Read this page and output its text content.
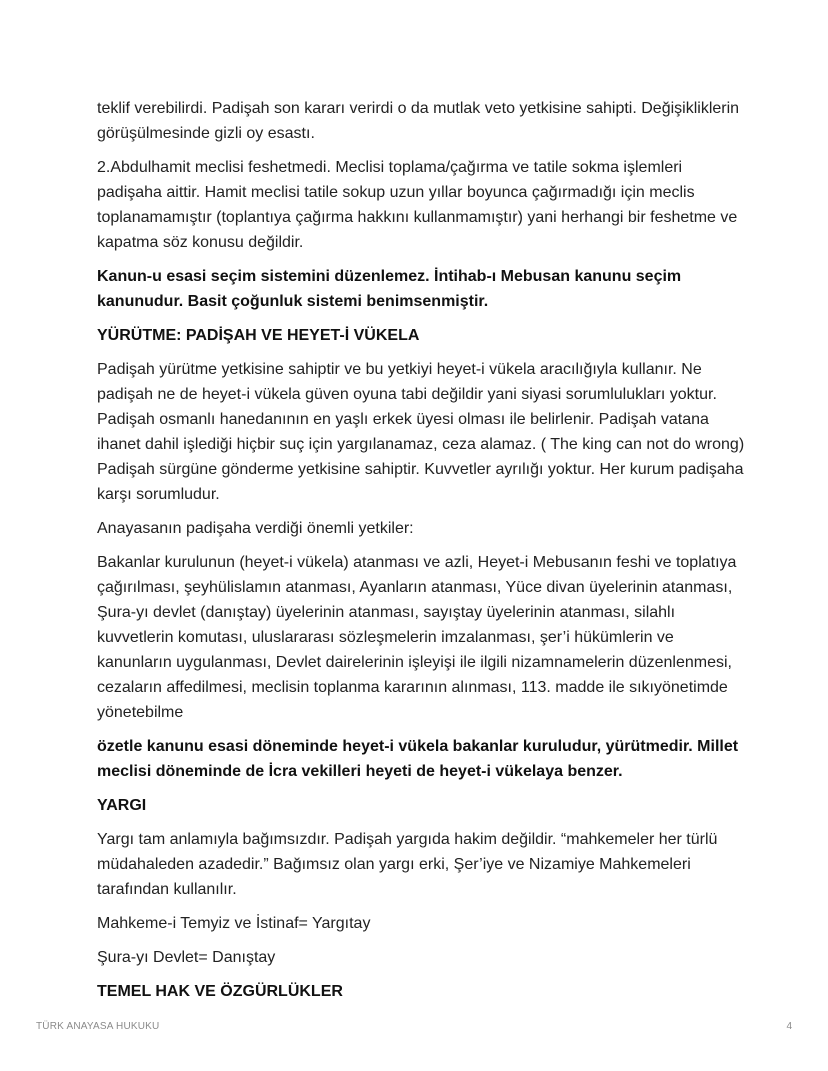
teklif verebilirdi. Padişah son kararı verirdi o da mutlak veto yetkisine sahipti. Değişikliklerin görüşülmesinde gizli oy esastı.

2.Abdulhamit meclisi feshetmedi. Meclisi toplama/çağırma ve tatile sokma işlemleri padişaha aittir. Hamit meclisi tatile sokup uzun yıllar boyunca çağırmadığı için meclis toplanamamıştır (toplantıya çağırma hakkını kullanmamıştır) yani herhangi bir feshetme ve kapatma söz konusu değildir.

Kanun-u esasi seçim sistemini düzenlemez. İntihab-ı Mebusan kanunu seçim kanunudur. Basit çoğunluk sistemi benimsenmiştir.

YÜRÜTME: PADİŞAH VE HEYET-İ VÜKELA

Padişah yürütme yetkisine sahiptir ve bu yetkiyi heyet-i vükela aracılığıyla kullanır. Ne padişah ne de heyet-i vükela güven oyuna tabi değildir yani siyasi sorumlulukları yoktur. Padişah osmanlı hanedanının en yaşlı erkek üyesi olması ile belirlenir. Padişah vatana ihanet dahil işlediği hiçbir suç için yargılanamaz, ceza alamaz. ( The king can not do wrong) Padişah sürgüne gönderme yetkisine sahiptir. Kuvvetler ayrılığı yoktur. Her kurum padişaha karşı sorumludur.

Anayasanın padişaha verdiği önemli yetkiler:

Bakanlar kurulunun (heyet-i vükela) atanması ve azli, Heyet-i Mebusanın feshi ve toplatıya çağırılması, şeyhülislamın atanması, Ayanların atanması, Yüce divan üyelerinin atanması, Şura-yı devlet (danıştay) üyelerinin atanması, sayıştay üyelerinin atanması, silahlı kuvvetlerin komutası, uluslararası sözleşmelerin imzalanması, şer’i hükümlerin ve kanunların uygulanması, Devlet dairelerinin işleyişi ile ilgili nizamnamelerin düzenlenmesi, cezaların affedilmesi, meclisin toplanma kararının alınması, 113. madde ile sıkıyönetimde yönetebilme

özetle kanunu esasi döneminde heyet-i vükela bakanlar kuruludur, yürütmedir. Millet meclisi döneminde de İcra vekilleri heyeti de heyet-i vükelaya benzer.

YARGI

Yargı tam anlamıyla bağımsızdır. Padişah yargıda hakim değildir. “mahkemeler her türlü müdahaleden azadedir.” Bağımsız olan yargı erki, Şer’iye ve Nizamiye Mahkemeleri tarafından kullanılır.

Mahkeme-i Temyiz ve İstinaf= Yargıtay

Şura-yı Devlet= Danıştay

TEMEL HAK VE ÖZGÜRLÜKLER
TÜRK ANAYASA HUKUKU	4
